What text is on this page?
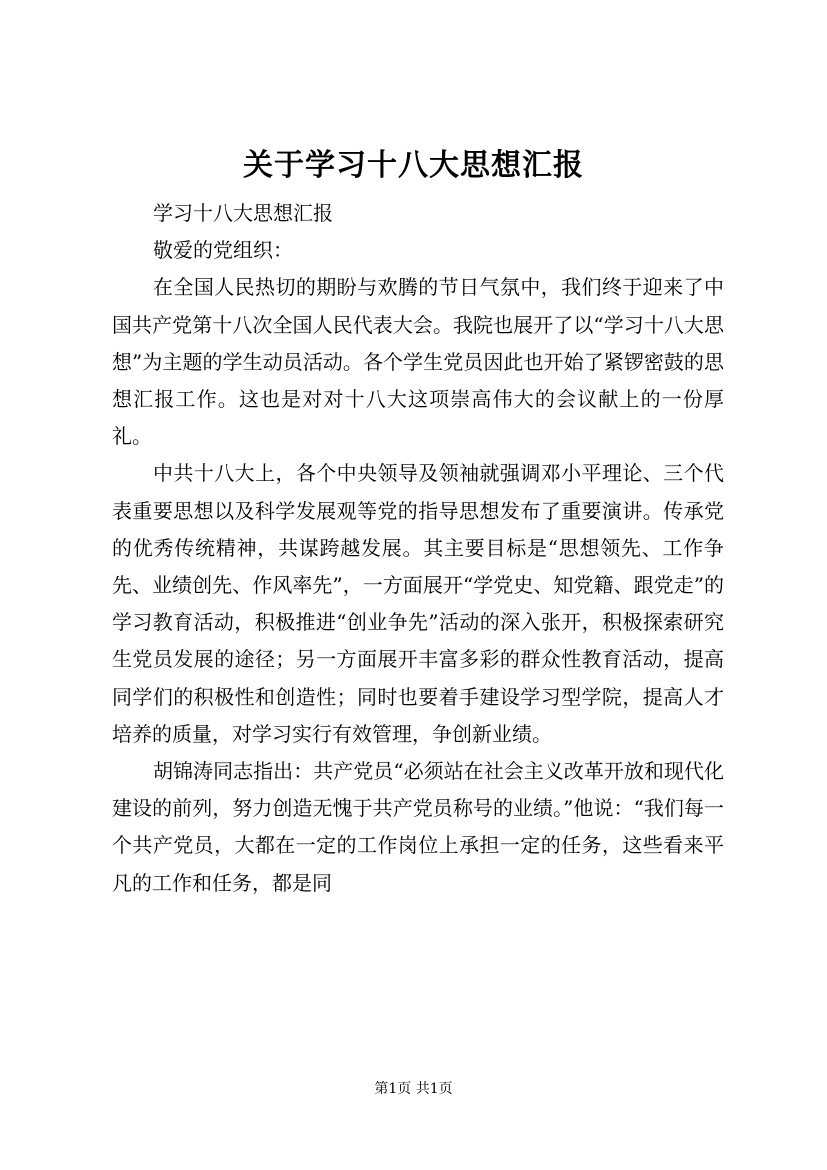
关于学习十八大思想汇报

学习十八大思想汇报

敬爱的党组织：

在全国人民热切的期盼与欢腾的节日气氛中，我们终于迎来了中国共产党第十八次全国人民代表大会。我院也展开了以“学习十八大思想”为主题的学生动员活动。各个学生党员因此也开始了紧锣密鼓的思想汇报工作。这也是对对十八大这项崇高伟大的会议献上的一份厚礼。

中共十八大上，各个中央领导及领袖就强调邓小平理论、三个代表重要思想以及科学发展观等党的指导思想发布了重要演讲。传承党的优秀传统精神，共谋跨越发展。其主要目标是“思想领先、工作争先、业绩创先、作风率先”，一方面展开“学党史、知党籍、跟党走”的学习教育活动，积极推进“创业争先”活动的深入张开，积极探索研究生党员发展的途径；另一方面展开丰富多彩的群众性教育活动，提高同学们的积极性和创造性；同时也要着手建设学习型学院，提高人才培养的质量，对学习实行有效管理，争创新业绩。

胡锦涛同志指出：共产党员“必须站在社会主义改革开放和现代化建设的前列，努力创造无愧于共产党员称号的业绩。”他说：“我们每一个共产党员，大都在一定的工作岗位上承担一定的任务，这些看来平凡的工作和任务，都是同

第1页 共1页
